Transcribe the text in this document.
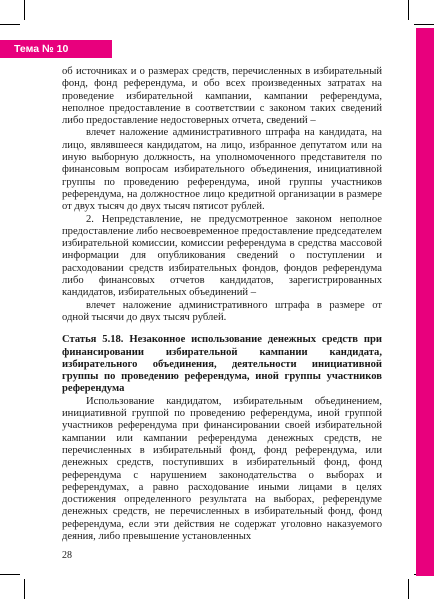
Тема № 10

об источниках и о размерах средств, перечисленных в избирательный фонд, фонд референдума, и обо всех произведенных затратах на проведение избирательной кампании, кампании референдума, неполное предоставление в соответствии с законом таких сведений либо предоставление недостоверных отчета, сведений –

влечет наложение административного штрафа на кандидата, на лицо, являвшееся кандидатом, на лицо, избранное депутатом или на иную выборную должность, на уполномоченного представителя по финансовым вопросам избирательного объединения, инициативной группы по проведению референдума, иной группы участников референдума, на должностное лицо кредитной организации в размере от двух тысяч до двух тысяч пятисот рублей.

2. Непредставление, не предусмотренное законом неполное предоставление либо несвоевременное предоставление председателем избирательной комиссии, комиссии референдума в средства массовой информации для опубликования сведений о поступлении и расходовании средств избирательных фондов, фондов референдума либо финансовых отчетов кандидатов, зарегистрированных кандидатов, избирательных объединений –

влечет наложение административного штрафа в размере от одной тысячи до двух тысяч рублей.

Статья 5.18. Незаконное использование денежных средств при финансировании избирательной кампании кандидата, избирательного объединения, деятельности инициативной группы по проведению референдума, иной группы участников референдума

Использование кандидатом, избирательным объединением, инициативной группой по проведению референдума, иной группой участников референдума при финансировании своей избирательной кампании или кампании референдума денежных средств, не перечисленных в избирательный фонд, фонд референдума, или денежных средств, поступивших в избирательный фонд, фонд референдума с нарушением законодательства о выборах и референдумах, а равно расходование иными лицами в целях достижения определенного результата на выборах, референдуме денежных средств, не перечисленных в избирательный фонд, фонд референдума, если эти действия не содержат уголовно наказуемого деяния, либо превышение установленных

28
